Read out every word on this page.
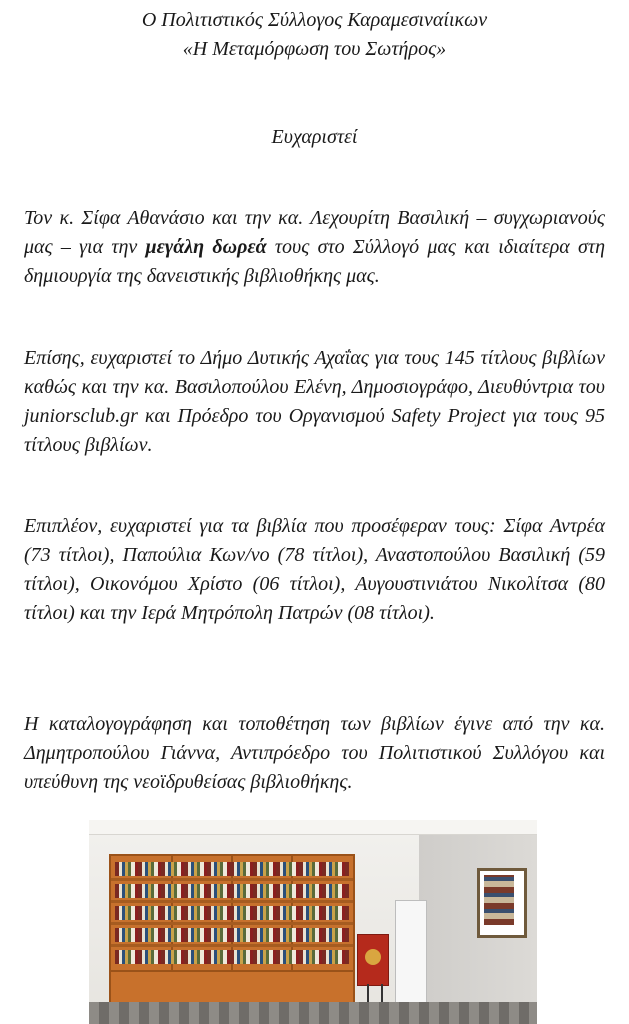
Ο Πολιτιστικός Σύλλογος Καραμεσιναίικων
«Η Μεταμόρφωση του Σωτήρος»
Ευχαριστεί
Τον κ. Σίφα Αθανάσιο και την κα. Λεχουρίτη Βασιλική – συγχωριανούς μας – για την μεγάλη δωρεά τους στο Σύλλογό μας και ιδιαίτερα στη δημιουργία της δανειστικής βιβλιοθήκης μας.
Επίσης, ευχαριστεί το Δήμο Δυτικής Αχαΐας για τους 145 τίτλους βιβλίων καθώς και την κα. Βασιλοπούλου Ελένη, Δημοσιογράφο, Διευθύντρια του juniorsclub.gr και Πρόεδρο του Οργανισμού Safety Project για τους 95 τίτλους βιβλίων.
Επιπλέον, ευχαριστεί για τα βιβλία που προσέφεραν τους: Σίφα Αντρέα (73 τίτλοι), Παπούλια Κων/νο (78 τίτλοι), Αναστοπούλου Βασιλική (59 τίτλοι), Οικονόμου Χρίστο (06 τίτλοι), Αυγουστινιάτου Νικολίτσα (80 τίτλοι) και την Ιερά Μητρόπολη Πατρών (08 τίτλοι).
Η καταλογογράφηση και τοποθέτηση των βιβλίων έγινε από την κα. Δημητροπούλου Γιάννα, Αντιπρόεδρο του Πολιτιστικού Συλλόγου και υπεύθυνη της νεοϊδρυθείσας βιβλιοθήκης.
